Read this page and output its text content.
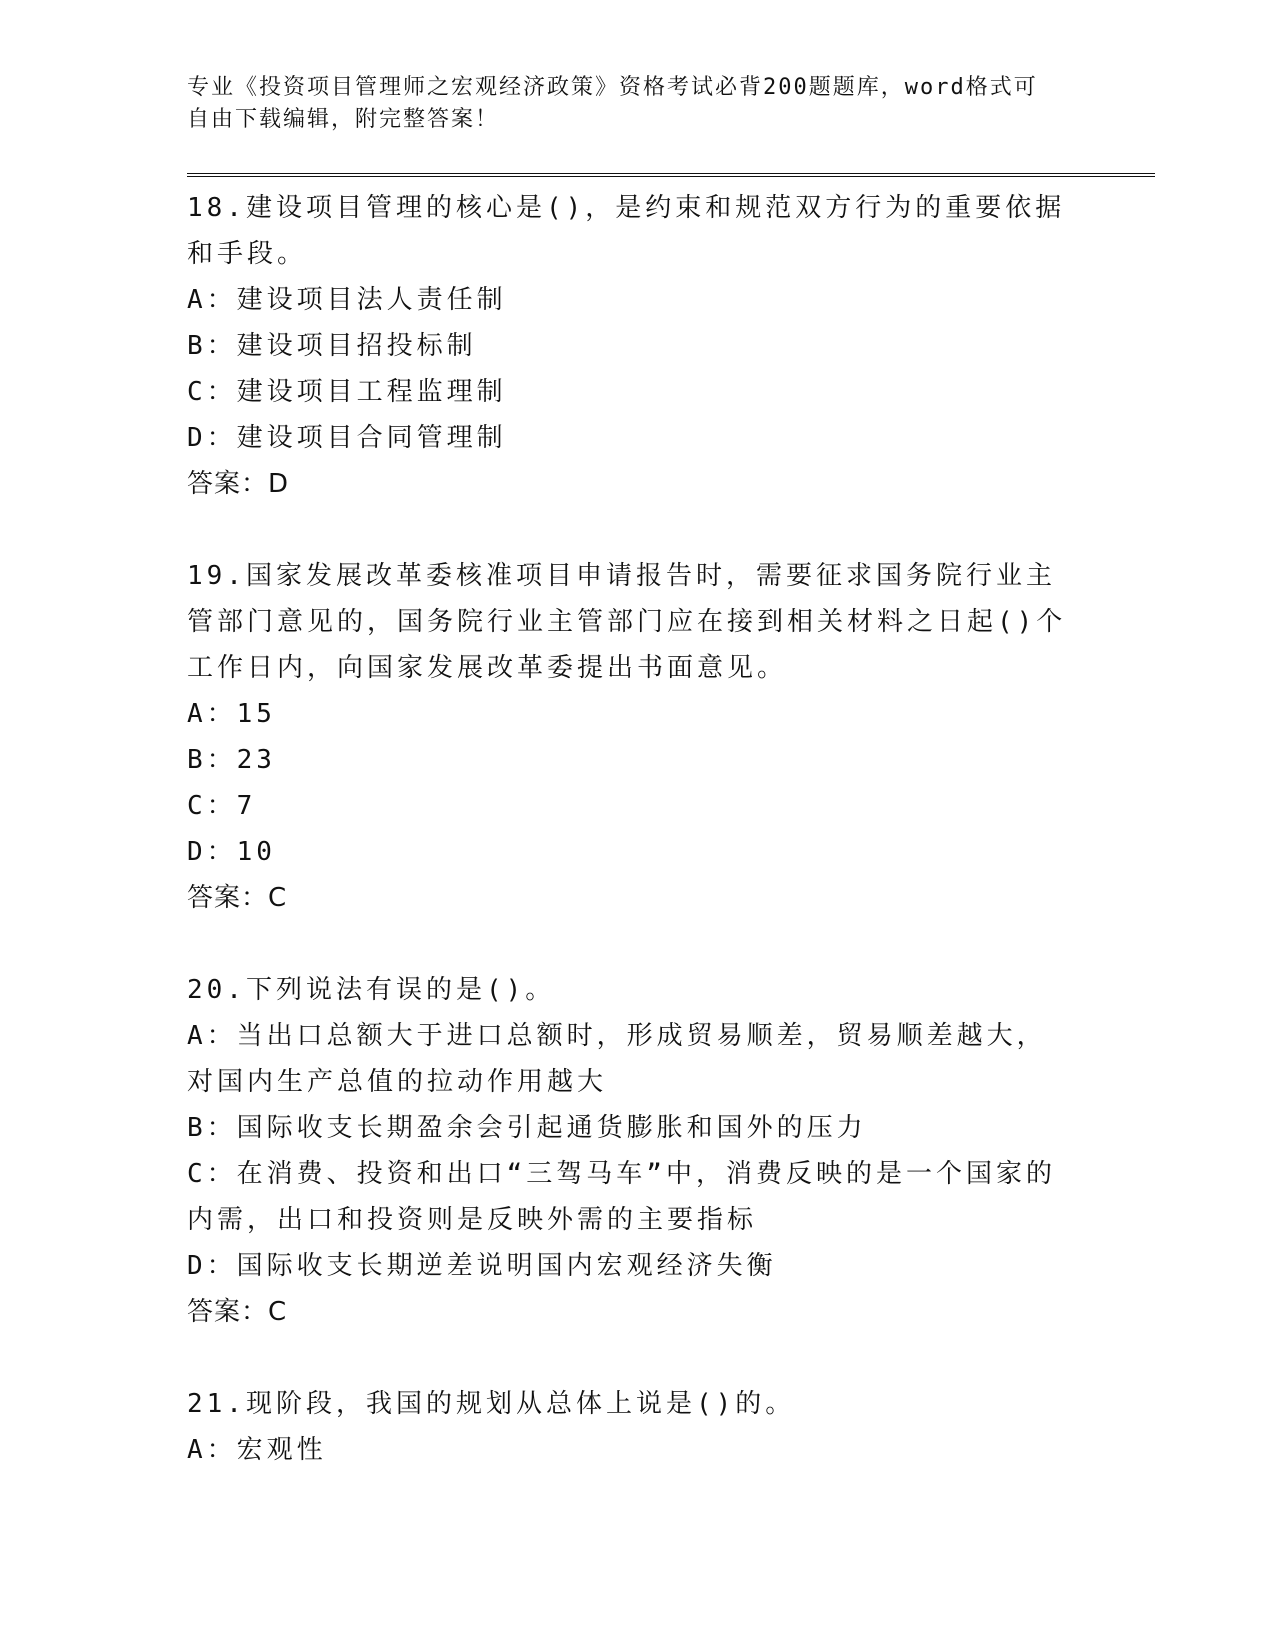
专业《投资项目管理师之宏观经济政策》资格考试必背200题题库，word格式可
自由下载编辑，附完整答案！
18.建设项目管理的核心是()，是约束和规范双方行为的重要依据和手段。
A：建设项目法人责任制
B：建设项目招投标制
C：建设项目工程监理制
D：建设项目合同管理制
答案：D
19.国家发展改革委核准项目申请报告时，需要征求国务院行业主管部门意见的，国务院行业主管部门应在接到相关材料之日起()个工作日内，向国家发展改革委提出书面意见。
A：15
B：23
C：7
D：10
答案：C
20.下列说法有误的是()。
A：当出口总额大于进口总额时，形成贸易顺差，贸易顺差越大，对国内生产总值的拉动作用越大
B：国际收支长期盈余会引起通货膨胀和国外的压力
C：在消费、投资和出口“三驾马车”中，消费反映的是一个国家的内需，出口和投资则是反映外需的主要指标
D：国际收支长期逆差说明国内宏观经济失衡
答案：C
21.现阶段，我国的规划从总体上说是()的。
A：宏观性
